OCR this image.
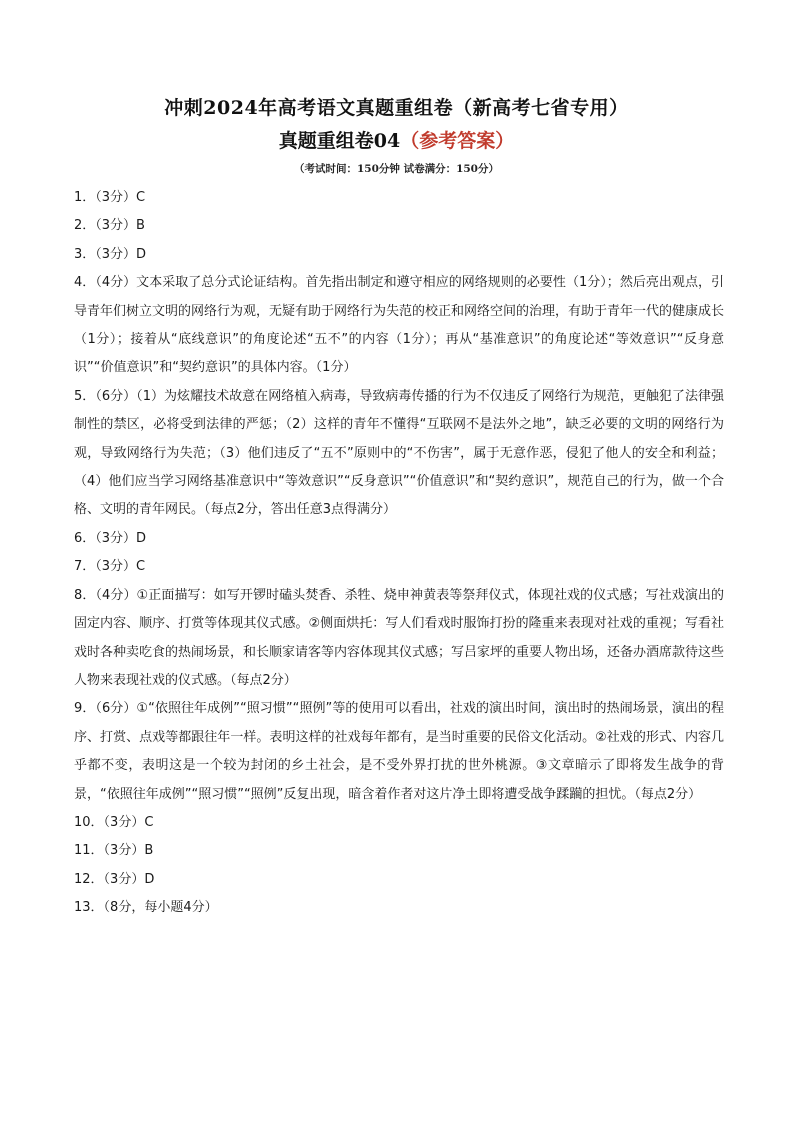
冲刺2024年高考语文真题重组卷（新高考七省专用）
真题重组卷04（参考答案）
（考试时间：150分钟 试卷满分：150分）
1．（3分）C
2．（3分）B
3．（3分）D
4．（4分）文本采取了总分式论证结构。首先指出制定和遵守相应的网络规则的必要性（1分）；然后亮出观点，引导青年们树立文明的网络行为观，无疑有助于网络行为失范的校正和网络空间的治理，有助于青年一代的健康成长（1分）；接着从“底线意识”的角度论述“五不”的内容（1分）；再从“基准意识”的角度论述“等效意识”“反身意识”“价值意识”和“契约意识”的具体内容。（1分）
5．（6分）（1）为炫耀技术故意在网络植入病毒，导致病毒传播的行为不仅违反了网络行为规范，更触犯了法律强制性的禁区，必将受到法律的严惩；（2）这样的青年不懂得“互联网不是法外之地”，缺乏必要的文明的网络行为观，导致网络行为失范；（3）他们违反了“五不”原则中的“不伤害”，属于无意作恶，侵犯了他人的安全和利益；（4）他们应当学习网络基准意识中“等效意识”“反身意识”“价值意识”和“契约意识”，规范自己的行为，做一个合格、文明的青年网民。（每点2分，答出任意3点得满分）
6．（3分）D
7．（3分）C
8．（4分）①正面描写：如写开锣时磕头焚香、杀牲、烧申神黄表等祭拜仪式，体现社戏的仪式感；写社戏演出的固定内容、顺序、打赏等体现其仪式感。②侧面烘托：写人们看戏时服饰打扮的隆重来表现对社戏的重视；写看社戏时各种卖吃食的热闹场景，和长顺家请客等内容体现其仪式感；写吕家坪的重要人物出场，还备办酒席款待这些人物来表现社戏的仪式感。（每点2分）
9．（6分）①“依照往年成例”“照习惯”“照例”等的使用可以看出，社戏的演出时间，演出时的热闹场景，演出的程序、打赏、点戏等都跟往年一样。表明这样的社戏每年都有，是当时重要的民俗文化活动。②社戏的形式、内容几乎都不变，表明这是一个较为封闭的乡土社会，是不受外界打扰的世外桃源。③文章暗示了即将发生战争的背景，“依照往年成例”“照习惯”“照例”反复出现，暗含着作者对这片净土即将遭受战争蹂躏的担忧。（每点2分）
10．（3分）C
11．（3分）B
12．（3分）D
13．（8分，每小题4分）
